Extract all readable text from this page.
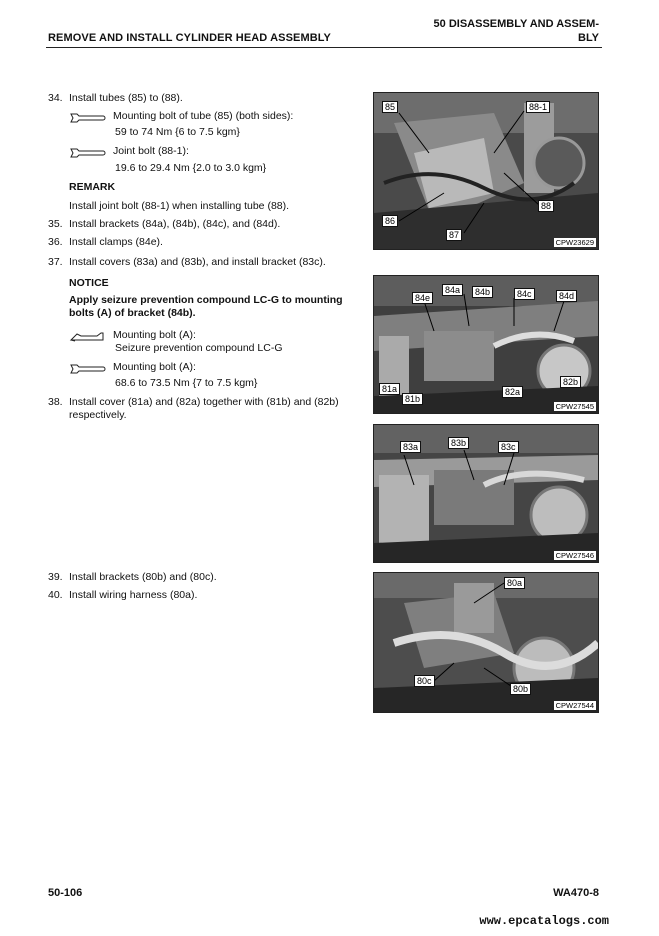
REMOVE AND INSTALL CYLINDER HEAD ASSEMBLY
50 DISASSEMBLY AND ASSEM-
BLY
34. Install tubes (85) to (88).
Mounting bolt of tube (85) (both sides):
59 to 74 Nm {6 to 7.5 kgm}
Joint bolt (88-1):
19.6 to 29.4 Nm {2.0 to 3.0 kgm}
REMARK
Install joint bolt (88-1) when installing tube (88).
35. Install brackets (84a), (84b), (84c), and (84d).
36. Install clamps (84e).
37. Install covers (83a) and (83b), and install bracket (83c).
NOTICE
Apply seizure prevention compound LC-G to mounting
bolts (A) of bracket (84b).
Mounting bolt (A):
Seizure prevention compound LC-G
Mounting bolt (A):
68.6 to 73.5 Nm {7 to 7.5 kgm}
38. Install cover (81a) and (82a) together with (81b) and (82b)
respectively.
39. Install brackets (80b) and (80c).
40. Install wiring harness (80a).
85	88-1
86
87
88
CPW23629
84e
84a	84b	84c	84d
81a
81b
82a
82b
CPW27545
83a	83b	83c
CPW27546
80a
80c
80b
CPW27544
50-106	WA470-8
www.epcatalogs.com
